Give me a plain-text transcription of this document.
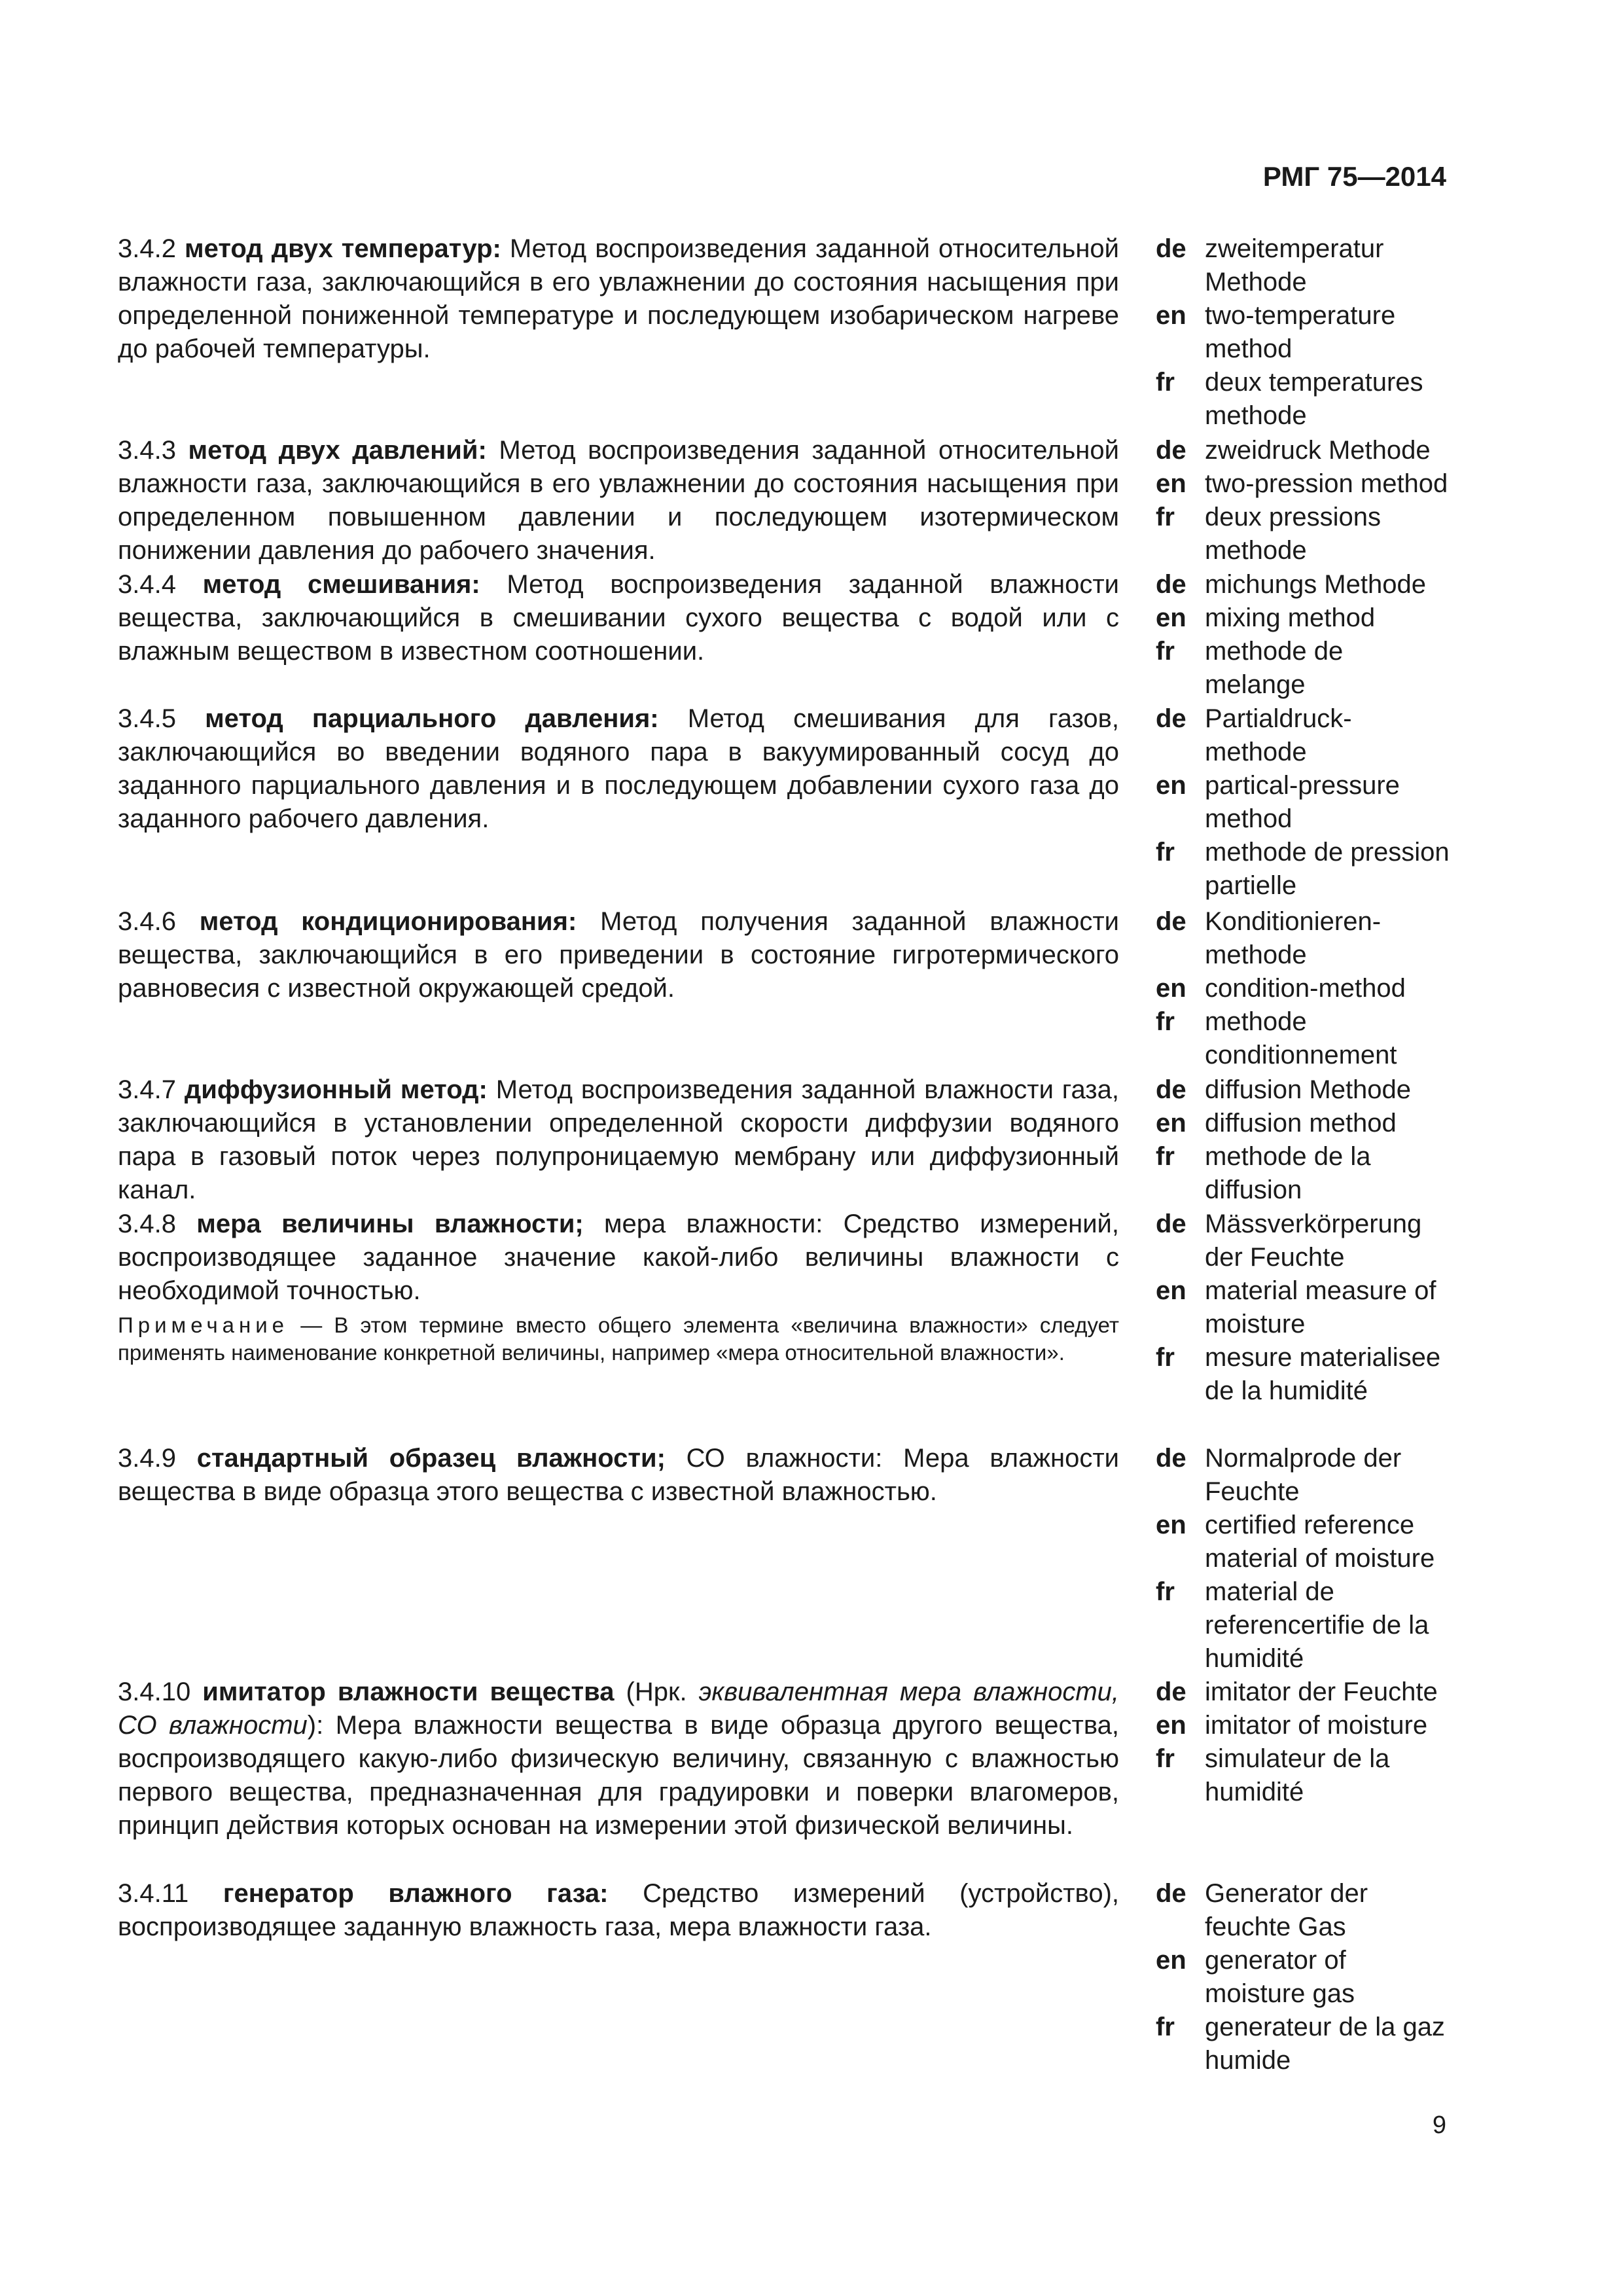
РМГ 75—2014
3.4.2 метод двух температур: Метод воспроизведения заданной относительной влажности газа, заключающийся в его увлажнении до состояния насыщения при определенной пониженной температуре и последующем изобарическом нагреве до рабочей температуры.
de zweitemperatur Methode
en two-temperature method
fr	deux temperatures methode
3.4.3 метод двух давлений: Метод воспроизведения заданной относительной влажности газа, заключающийся в его увлажнении до состояния насыщения при определенном повышенном давлении и последующем изотермическом понижении давления до рабочего значения.
de zweidruck Methode
en two-pression method
fr	deux pressions methode
3.4.4 метод смешивания: Метод воспроизведения заданной влажности вещества, заключающийся в смешивании сухого вещества с водой или с влажным веществом в известном соотношении.
de michungs Methode
en mixing method
fr	methode de melange
3.4.5 метод парциального давления: Метод смешивания для газов, заключающийся во введении водяного пара в вакуумированный сосуд до заданного парциального давления и в последующем добавлении сухого газа до заданного рабочего давления.
de Partialdruck-methode
en partical-pressure method
fr	methode de pression partielle
3.4.6 метод кондиционирования: Метод получения заданной влажности вещества, заключающийся в его приведении в состояние гигротермического равновесия с известной окружающей средой.
de Konditionieren-methode
en condition-method
fr	methode conditionnement
3.4.7 диффузионный метод: Метод воспроизведения заданной влажности газа, заключающийся в установлении определенной скорости диффузии водяного пара в газовый поток через полупроницаемую мембрану или диффузионный канал.
de diffusion Methode
en diffusion method
fr	methode de la diffusion
3.4.8 мера величины влажности; мера влажности: Средство измерений, воспроизводящее заданное значение какой-либо величины влажности с необходимой точностью.
Примечание — В этом термине вместо общего элемента «величина влажности» следует применять наименование конкретной величины, например «мера относительной влажности».
de Mässverkörperung der Feuchte
en material measure of moisture
fr	mesure materialisee de la humidité
3.4.9 стандартный образец влажности; СО влажности: Мера влажности вещества в виде образца этого вещества с известной влажностью.
de Normalprode der Feuchte
en certified reference material of moisture
fr	material de referencertifie de la humidité
3.4.10 имитатор влажности вещества (Нрк. эквивалентная мера влажности, СО влажности): Мера влажности вещества в виде образца другого вещества, воспроизводящего какую-либо физическую величину, связанную с влажностью первого вещества, предназначенная для градуировки и поверки влагомеров, принцип действия которых основан на измерении этой физической величины.
de imitator der Feuchte
en imitator of moisture
fr	simulateur de la humidité
3.4.11 генератор влажного газа: Средство измерений (устройство), воспроизводящее заданную влажность газа, мера влажности газа.
de Generator der feuchte Gas
en generator of moisture gas
fr	generateur de la gaz humide
9
